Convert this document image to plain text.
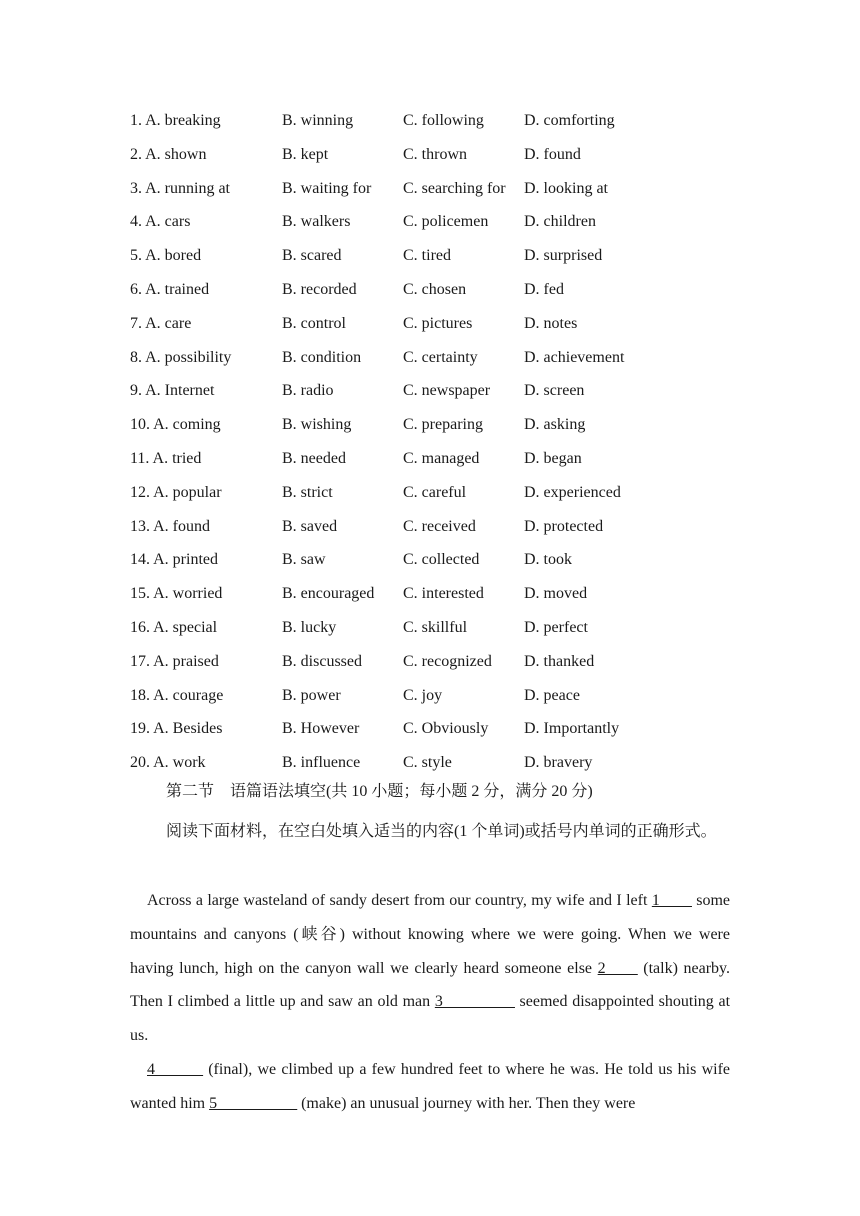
1. A. breaking	B. winning	C. following	D. comforting
2. A. shown	B. kept	C. thrown	D. found
3. A. running at	B. waiting for C. searching for D. looking at
4. A. cars	B. walkers	C. policemen D. children
5. A. bored	B. scared	C. tired	D. surprised
6. A. trained	B. recorded	C. chosen	D. fed
7. A. care	B. control	C. pictures	D. notes
8. A. possibility	B. condition	C. certainty	D. achievement
9. A. Internet	B. radio	C. newspaper D. screen
10. A. coming	B. wishing	C. preparing	D. asking
11. A. tried	B. needed	C. managed	D. began
12. A. popular	B. strict	C. careful	D. experienced
13. A. found	B. saved	C. received	D. protected
14. A. printed	B. saw	C. collected	D. took
15. A. worried	B. encouraged C. interested	D. moved
16. A. special	B. lucky	C. skillful	D. perfect
17. A. praised	B. discussed	C. recognized D. thanked
18. A. courage	B. power	C. joy	D. peace
19. A. Besides	B. However	C. Obviously D. Importantly
20. A. work	B. influence	C. style	D. bravery
第二节　语篇语法填空(共 10 小题；每小题 2 分，满分 20 分)
阅读下面材料，在空白处填入适当的内容(1 个单词)或括号内单词的正确形式。

Across a large wasteland of sandy desert from our country, my wife and I left 1____ some mountains and canyons (峡谷) without knowing where we were going. When we were having lunch, high on the canyon wall we clearly heard someone else 2____ (talk) nearby. Then I climbed a little up and saw an old man 3_________ seemed disappointed shouting at us.

4______ (final), we climbed up a few hundred feet to where he was. He told us his wife wanted him 5__________ (make) an unusual journey with her. Then they were
